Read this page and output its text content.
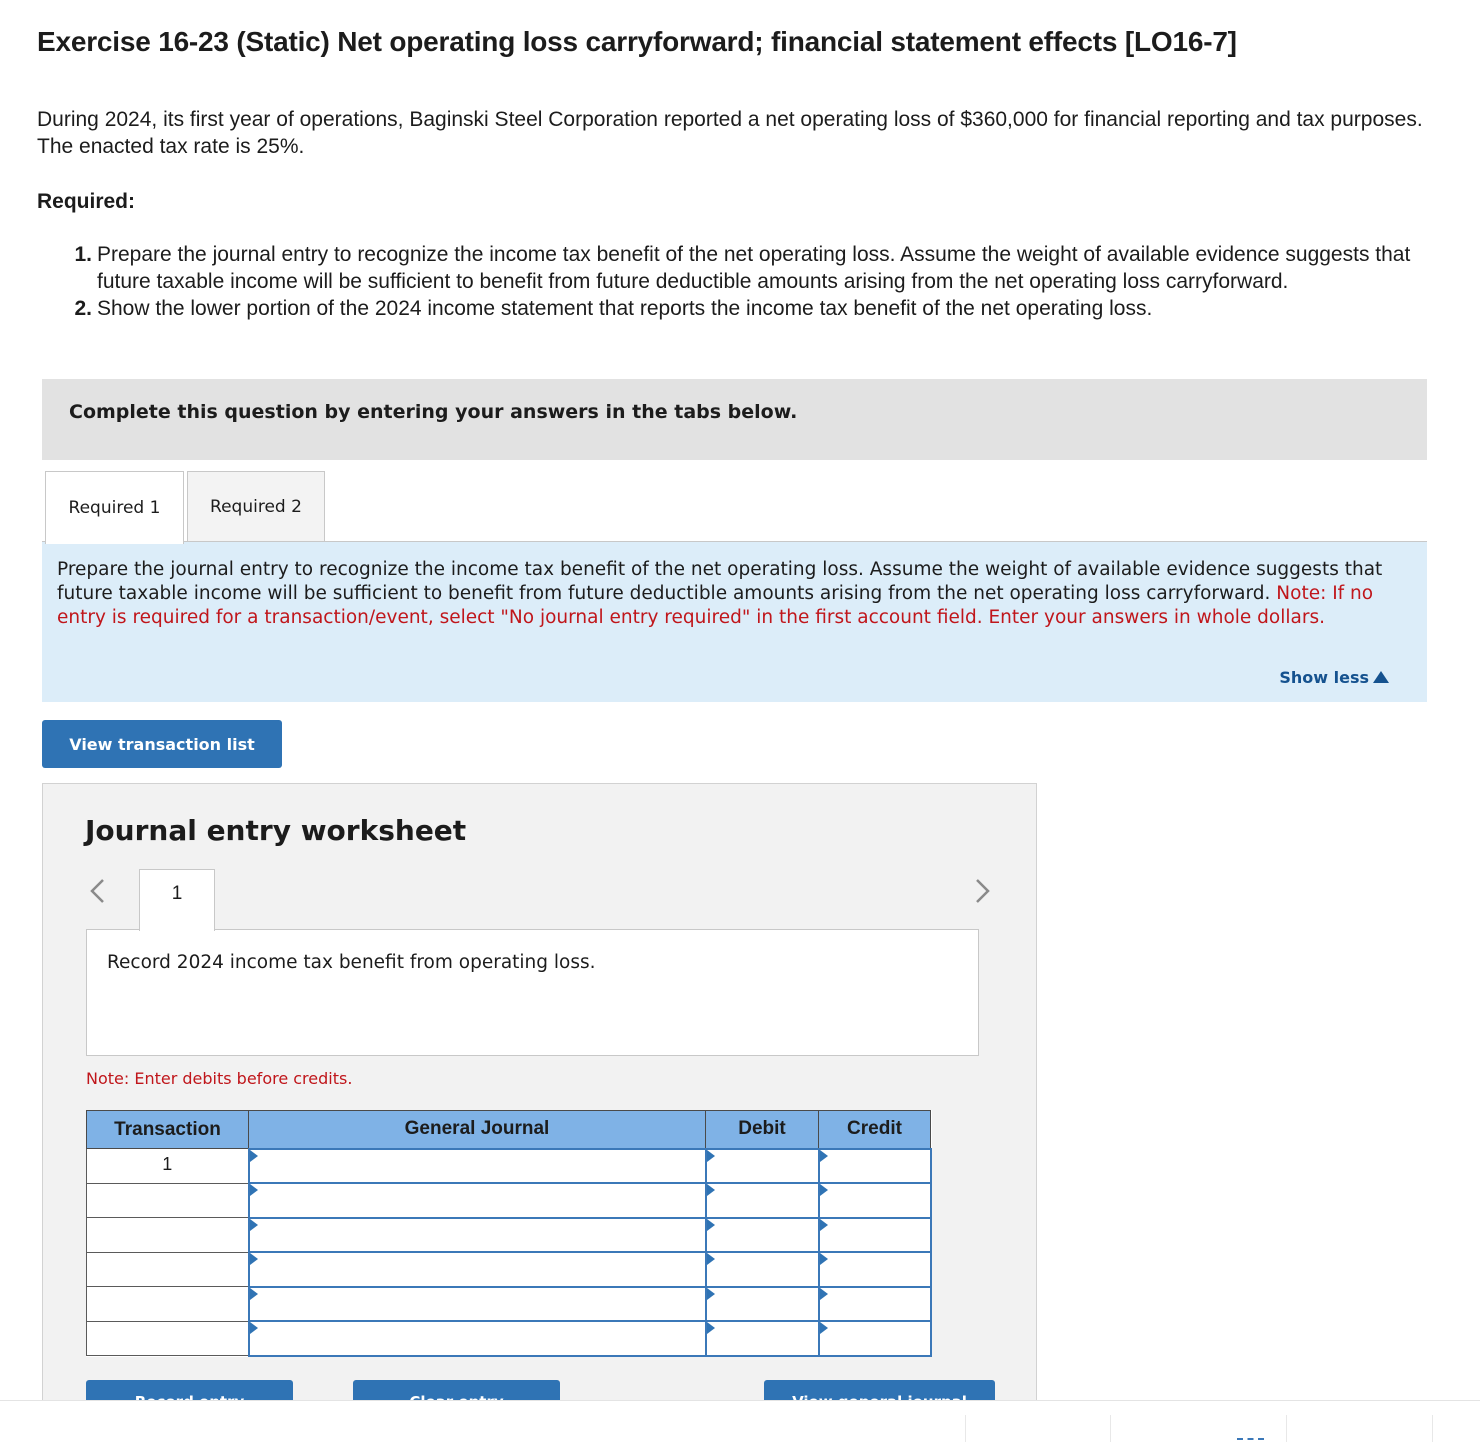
Exercise 16-23 (Static) Net operating loss carryforward; financial statement effects [LO16-7]
During 2024, its first year of operations, Baginski Steel Corporation reported a net operating loss of $360,000 for financial reporting and tax purposes. The enacted tax rate is 25%.
Required:
1. Prepare the journal entry to recognize the income tax benefit of the net operating loss. Assume the weight of available evidence suggests that future taxable income will be sufficient to benefit from future deductible amounts arising from the net operating loss carryforward.
2. Show the lower portion of the 2024 income statement that reports the income tax benefit of the net operating loss.
Complete this question by entering your answers in the tabs below.
Required 1	Required 2
Prepare the journal entry to recognize the income tax benefit of the net operating loss. Assume the weight of available evidence suggests that future taxable income will be sufficient to benefit from future deductible amounts arising from the net operating loss carryforward. Note: If no entry is required for a transaction/event, select "No journal entry required" in the first account field. Enter your answers in whole dollars.
Show less
View transaction list
Journal entry worksheet
1
Record 2024 income tax benefit from operating loss.
Note: Enter debits before credits.
Transaction	General Journal	Debit	Credit
1			
